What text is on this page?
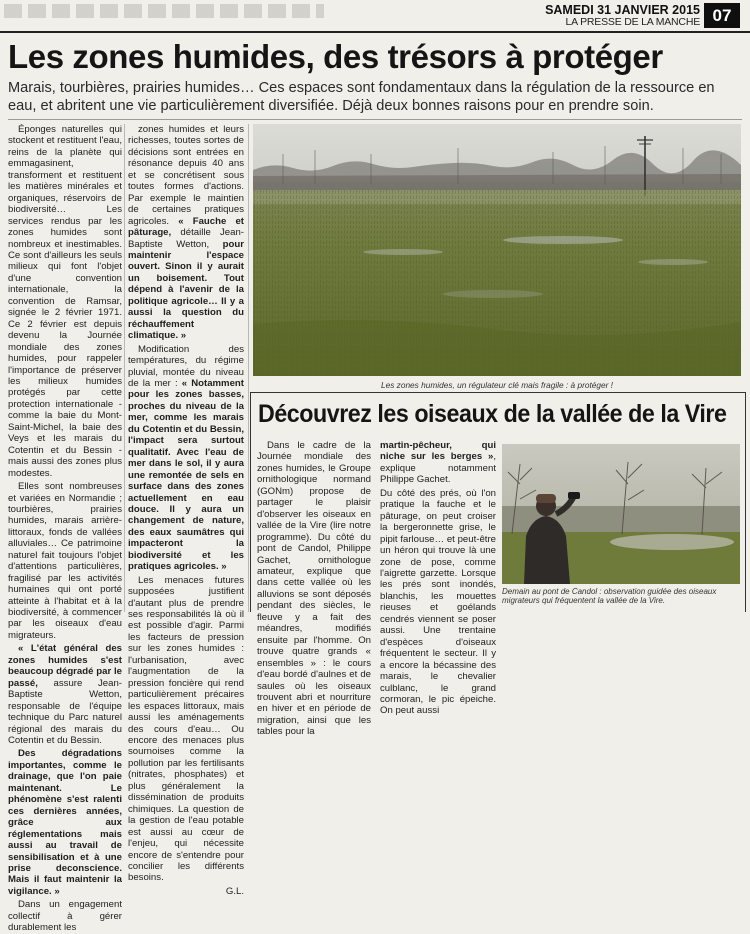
SAMEDI 31 JANVIER 2015
LA PRESSE DE LA MANCHE 07
Les zones humides, des trésors à protéger

Marais, tourbières, prairies humides… Ces espaces sont fondamentaux dans la régulation de la ressource en eau, et abritent une vie particulièrement diversifiée. Déjà deux bonnes raisons pour en prendre soin.

Éponges naturelles qui stockent et restituent l'eau, reins de la planète qui emmagasinent, transforment et restituent les matières minérales et organiques, réservoirs de biodiversité… Les services rendus par les zones humides sont nombreux et inestimables. Ce sont d'ailleurs les seuls milieux qui font l'objet d'une convention internationale, la convention de Ramsar, signée le 2 février 1971. Ce 2 février est depuis devenu la Journée mondiale des zones humides, pour rappeler l'importance de préserver les milieux humides protégés par cette protection internationale - comme la baie du Mont-Saint-Michel, la baie des Veys et les marais du Cotentin et du Bessin - mais aussi des zones plus modestes.

Elles sont nombreuses et variées en Normandie ; tourbières, prairies humides, marais arrière-littoraux, fonds de vallées alluviales… Ce patrimoine naturel fait toujours l'objet d'attentions particulières, fragilisé par les activités humaines qui ont porté atteinte à l'habitat et à la biodiversité, à commencer par les oiseaux d'eau migrateurs.

« L'état général des zones humides s'est beaucoup dégradé par le passé, assure Jean-Baptiste Wetton, responsable de l'équipe technique du Parc naturel régional des marais du Cotentin et du Bessin.

Des dégradations importantes, comme le drainage, que l'on paie maintenant. Le phénomène s'est ralenti ces dernières années, grâce aux réglementations mais aussi au travail de sensibilisation et à une prise deconscience. Mais il faut maintenir la vigilance. »

Dans un engagement collectif à gérer durablement les

zones humides et leurs richesses, toutes sortes de décisions sont entrées en résonance depuis 40 ans et se concrétisent sous toutes formes d'actions. Par exemple le maintien de certaines pratiques agricoles. « Fauche et pâturage, détaille Jean-Baptiste Wetton, pour maintenir l'espace ouvert. Sinon il y aurait un boisement. Tout dépend à l'avenir de la politique agricole… Il y a aussi la question du réchauffement climatique. »

Modification des températures, du régime pluvial, montée du niveau de la mer : « Notamment pour les zones basses, proches du niveau de la mer, comme les marais du Cotentin et du Bessin, l'impact sera surtout qualitatif. Avec l'eau de mer dans le sol, il y aura une remontée de sels en surface dans des zones actuellement en eau douce. Il y aura un changement de nature, des eaux saumâtres qui impacteront la biodiversité et les pratiques agricoles. »

Les menaces futures supposées justifient d'autant plus de prendre ses responsabilités là où il est possible d'agir. Parmi les facteurs de pression sur les zones humides : l'urbanisation, avec l'augmentation de la pression foncière qui rend particulièrement précaires les espaces littoraux, mais aussi les aménagements des cours d'eau… Ou encore des menaces plus sournoises comme la pollution par les fertilisants (nitrates, phosphates) et plus généralement la dissémination de produits chimiques. La question de la gestion de l'eau potable est aussi au cœur de l'enjeu, qui nécessite encore de s'entendre pour concilier les différents besoins.

G.L.

Les zones humides, un régulateur clé mais fragile : à protéger !

Découvrez les oiseaux de la vallée de la Vire

Dans le cadre de la Journée mondiale des zones humides, le Groupe ornithologique normand (GONm) propose de partager le plaisir d'observer les oiseaux en vallée de la Vire (lire notre programme). Du côté du pont de Candol, Philippe Gachet, ornithologue amateur, explique que dans cette vallée où les alluvions se sont déposés pendant des siècles, le fleuve y a fait des méandres, modifiés ensuite par l'homme. On trouve quatre grands « ensembles » : le cours d'eau bordé d'aulnes et de saules où les oiseaux trouvent abri et nourriture en hiver et en période de migration, ainsi que les tables pour la

martin-pêcheur, qui niche sur les berges », explique notamment Philippe Gachet.

Du côté des prés, où l'on pratique la fauche et le pâturage, on peut croiser la bergeronnette grise, le pipit farlouse… et peut-être un héron qui trouve là une zone de pose, comme l'aigrette garzette. Lorsque les prés sont inondés, blanchis, les mouettes rieuses et goélands cendrés viennent se poser aussi. Une trentaine d'espèces d'oiseaux fréquentent le secteur. Il y a encore la bécassine des marais, le chevalier culblanc, le grand cormoran, le pic épeiche. On peut aussi

Demain au pont de Candol : observation guidée des oiseaux migrateurs qui fréquentent la vallée de la Vire.
